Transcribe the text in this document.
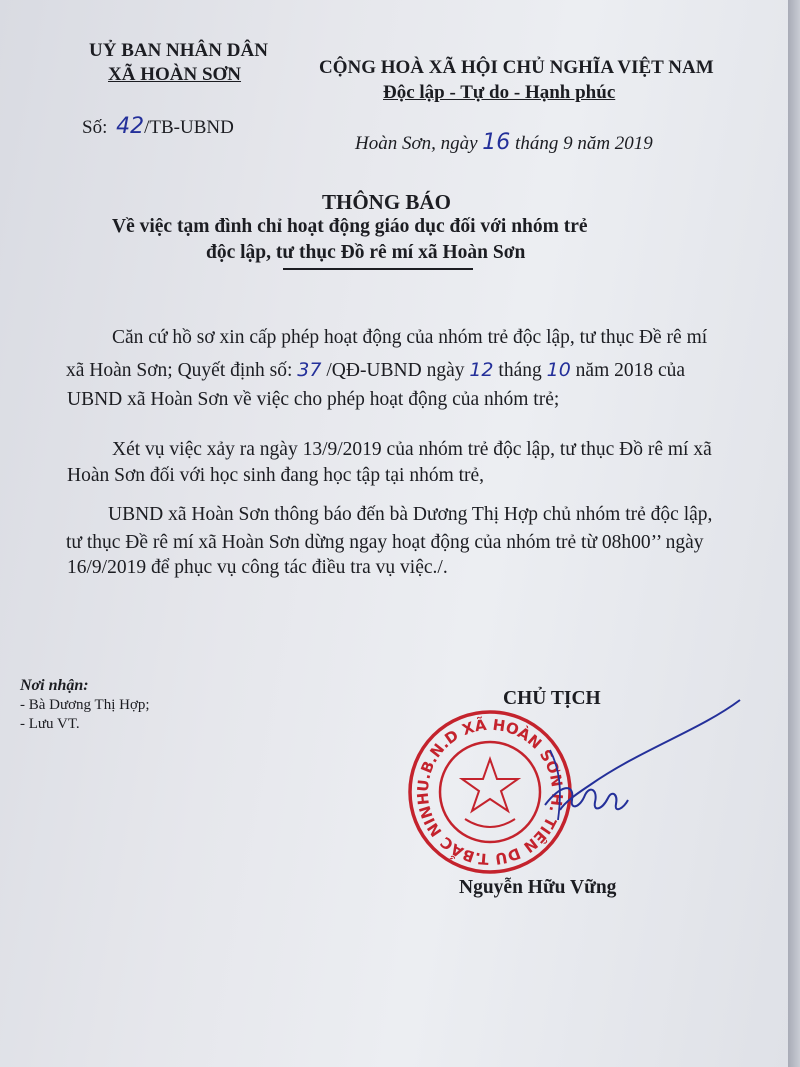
UỶ BAN NHÂN DÂN
XÃ HOÀN SƠN
Số: 42/TB-UBND
CỘNG HOÀ XÃ HỘI CHỦ NGHĨA VIỆT NAM
Độc lập - Tự do - Hạnh phúc
Hoàn Sơn, ngày 16 tháng 9 năm 2019
THÔNG BÁO
Về việc tạm đình chỉ hoạt động giáo dục đối với nhóm trẻ
độc lập, tư thục Đồ rê mí xã Hoàn Sơn
Căn cứ hồ sơ xin cấp phép hoạt động của nhóm trẻ độc lập, tư thục Đề rê mí
xã Hoàn Sơn; Quyết định số: 37 /QĐ-UBND ngày 12 tháng 10 năm 2018 của
UBND xã Hoàn Sơn về việc cho phép hoạt động của nhóm trẻ;
Xét vụ việc xảy ra ngày 13/9/2019 của nhóm trẻ độc lập, tư thục Đồ rê mí xã
Hoàn Sơn đối với học sinh đang học tập tại nhóm trẻ,
UBND xã Hoàn Sơn thông báo đến bà Dương Thị Hợp chủ nhóm trẻ độc lập,
tư thục Đề rê mí xã Hoàn Sơn dừng ngay hoạt động của nhóm trẻ từ 08h00’’ ngày
16/9/2019 để phục vụ công tác điều tra vụ việc./.
Nơi nhận:
- Bà Dương Thị Hợp;
- Lưu VT.
CHỦ TỊCH
U.B.N.D XÃ HOÀN SƠN H. TIÊN DU T.BẮC NINH
Nguyễn Hữu Vững
